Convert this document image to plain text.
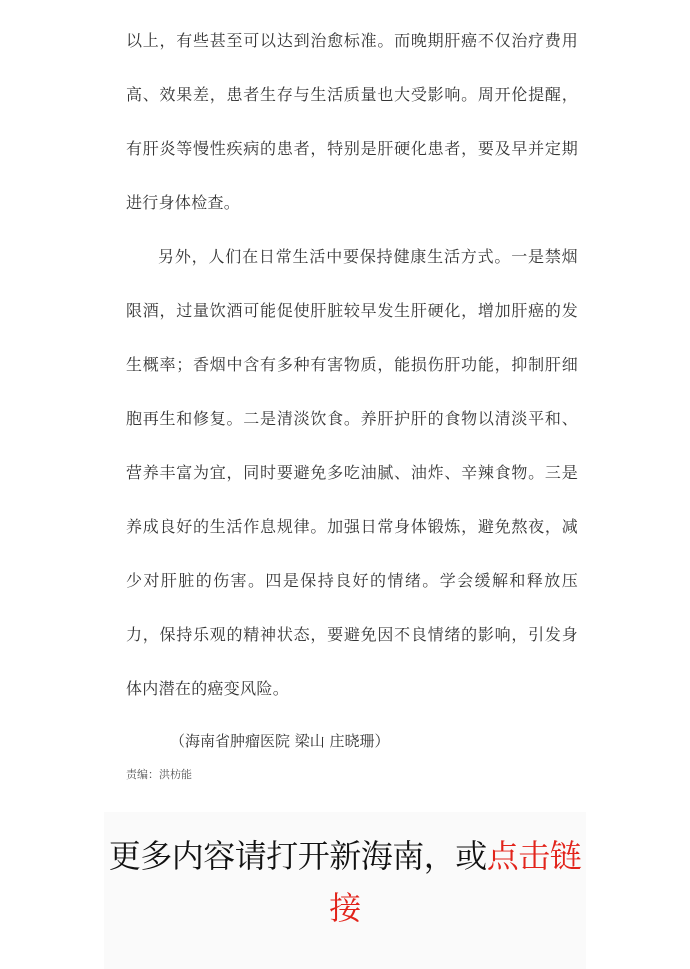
以上，有些甚至可以达到治愈标准。而晚期肝癌不仅治疗费用高、效果差，患者生存与生活质量也大受影响。周开伦提醒，有肝炎等慢性疾病的患者，特别是肝硬化患者，要及早并定期进行身体检查。

另外，人们在日常生活中要保持健康生活方式。一是禁烟限酒，过量饮酒可能促使肝脏较早发生肝硬化，增加肝癌的发生概率；香烟中含有多种有害物质，能损伤肝功能，抑制肝细胞再生和修复。二是清淡饮食。养肝护肝的食物以清淡平和、营养丰富为宜，同时要避免多吃油腻、油炸、辛辣食物。三是养成良好的生活作息规律。加强日常身体锻炼，避免熬夜，减少对肝脏的伤害。四是保持良好的情绪。学会缓解和释放压力，保持乐观的精神状态，要避免因不良情绪的影响，引发身体内潜在的癌变风险。

（海南省肿瘤医院 梁山 庄晓珊）
责编：洪枋能
更多内容请打开新海南，或点击链接
